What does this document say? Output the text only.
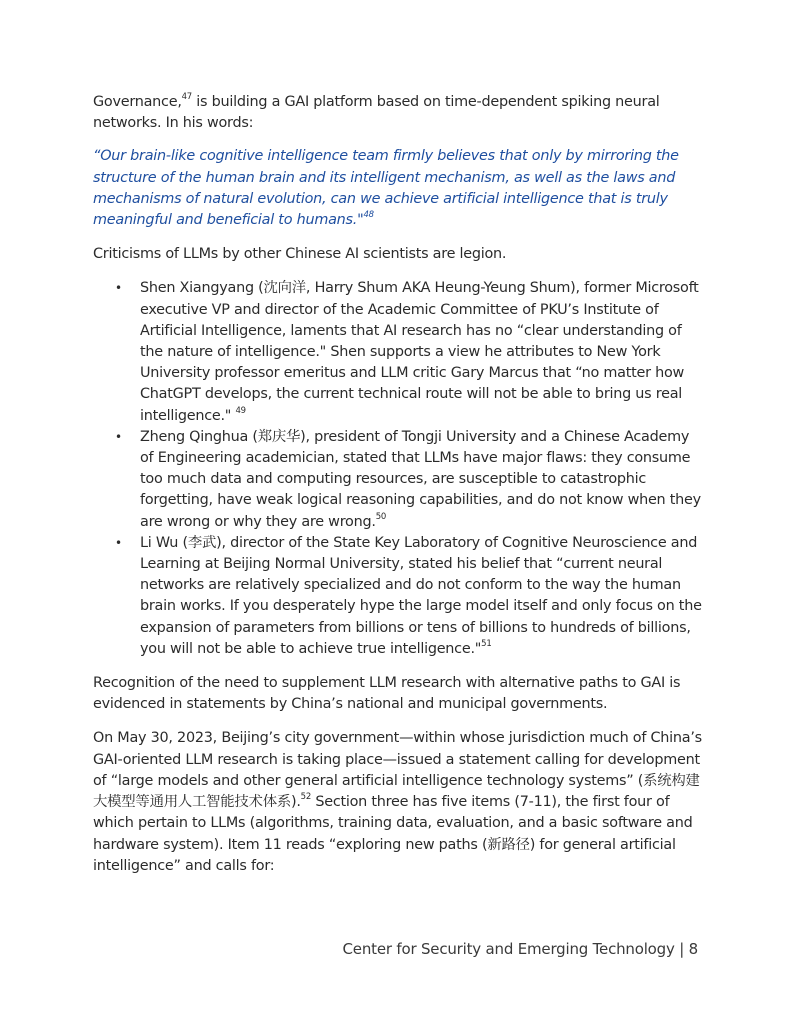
Governance,$^{47}$ is building a GAI platform based on time-dependent spiking neural networks. In his words:

“Our brain-like cognitive intelligence team firmly believes that only by mirroring the structure of the human brain and its intelligent mechanism, as well as the laws and mechanisms of natural evolution, can we achieve artificial intelligence that is truly meaningful and beneficial to humans."$^{48}$

Criticisms of LLMs by other Chinese AI scientists are legion.

• Shen Xiangyang (沈向洋, Harry Shum AKA Heung-Yeung Shum), former Microsoft executive VP and director of the Academic Committee of PKU’s Institute of Artificial Intelligence, laments that AI research has no “clear understanding of the nature of intelligence." Shen supports a view he attributes to New York University professor emeritus and LLM critic Gary Marcus that “no matter how ChatGPT develops, the current technical route will not be able to bring us real intelligence." $^{49}$
• Zheng Qinghua (郑庆华), president of Tongji University and a Chinese Academy of Engineering academician, stated that LLMs have major flaws: they consume too much data and computing resources, are susceptible to catastrophic forgetting, have weak logical reasoning capabilities, and do not know when they are wrong or why they are wrong.$^{50}$
• Li Wu (李武), director of the State Key Laboratory of Cognitive Neuroscience and Learning at Beijing Normal University, stated his belief that “current neural networks are relatively specialized and do not conform to the way the human brain works. If you desperately hype the large model itself and only focus on the expansion of parameters from billions or tens of billions to hundreds of billions, you will not be able to achieve true intelligence."$^{51}$

Recognition of the need to supplement LLM research with alternative paths to GAI is evidenced in statements by China’s national and municipal governments.

On May 30, 2023, Beijing’s city government—within whose jurisdiction much of China’s GAI-oriented LLM research is taking place—issued a statement calling for development of “large models and other general artificial intelligence technology systems” (系统构建大模型等通用人工智能技术体系).$^{52}$ Section three has five items (7-11), the first four of which pertain to LLMs (algorithms, training data, evaluation, and a basic software and hardware system). Item 11 reads “exploring new paths (新路径) for general artificial intelligence” and calls for:

Center for Security and Emerging Technology | 8
